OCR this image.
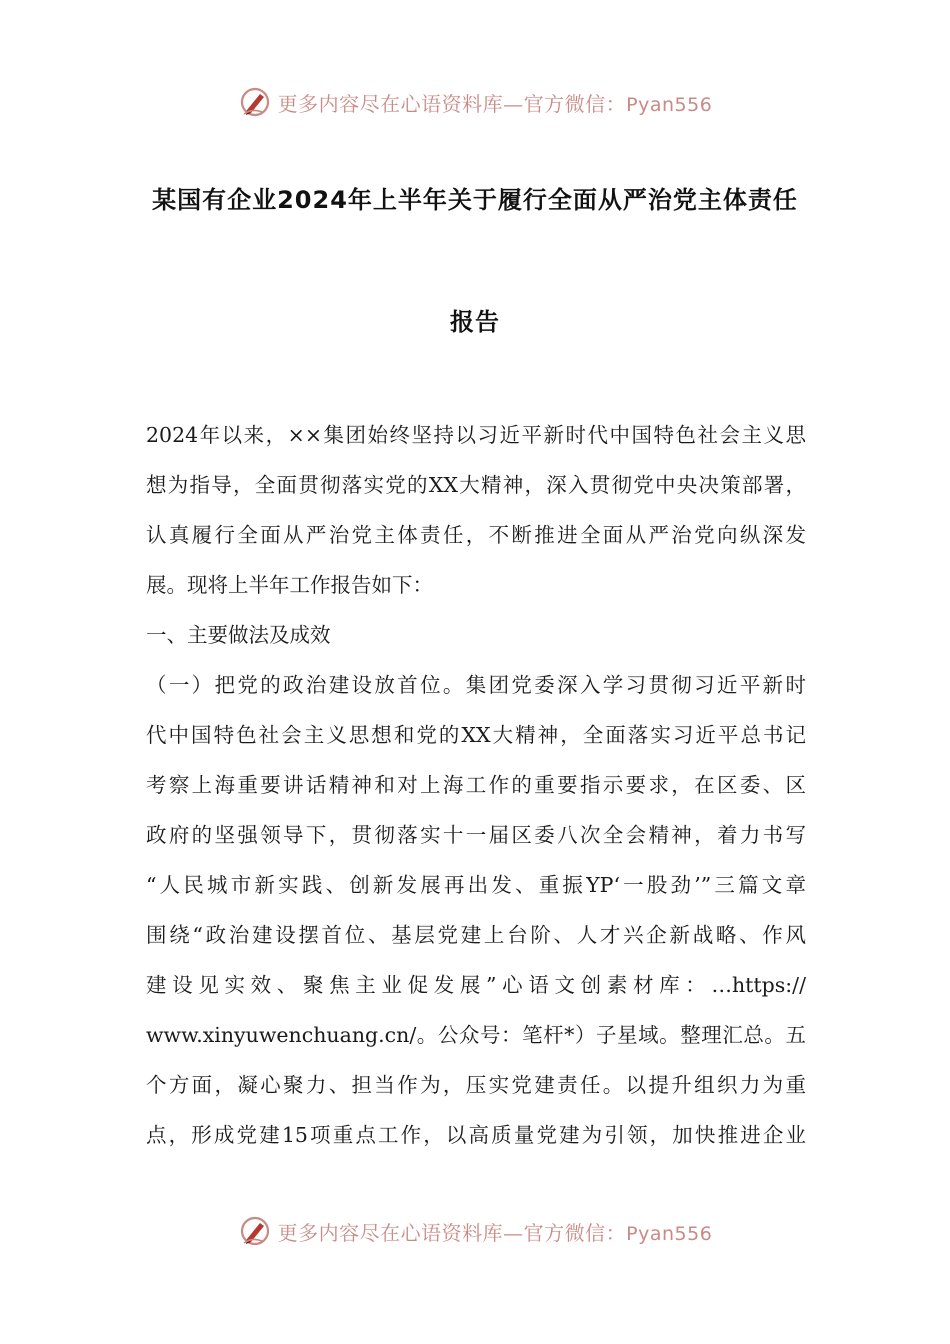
更多内容尽在心语资料库—官方微信：Pyan556
某国有企业2024年上半年关于履行全面从严治党主体责任
报告
2024年以来，××集团始终坚持以习近平新时代中国特色社会主义思
想为指导，全面贯彻落实党的XX大精神，深入贯彻党中央决策部署，
认真履行全面从严治党主体责任，不断推进全面从严治党向纵深发
展。现将上半年工作报告如下：
一、主要做法及成效
（一）把党的政治建设放首位。集团党委深入学习贯彻习近平新时
代中国特色社会主义思想和党的XX大精神，全面落实习近平总书记
考察上海重要讲话精神和对上海工作的重要指示要求，在区委、区
政府的坚强领导下，贯彻落实十一届区委八次全会精神，着力书写
“人民城市新实践、创新发展再出发、重振YP‘一股劲’”三篇文章
围绕“政治建设摆首位、基层党建上台阶、人才兴企新战略、作风
建设见实效、聚焦主业促发展”心语文创素材库：…https://
www.xinyuwenchuang.cn/。公众号：笔杆*）子星域。整理汇总。五
个方面，凝心聚力、担当作为，压实党建责任。以提升组织力为重
点，形成党建15项重点工作，以高质量党建为引领，加快推进企业
更多内容尽在心语资料库—官方微信：Pyan556
